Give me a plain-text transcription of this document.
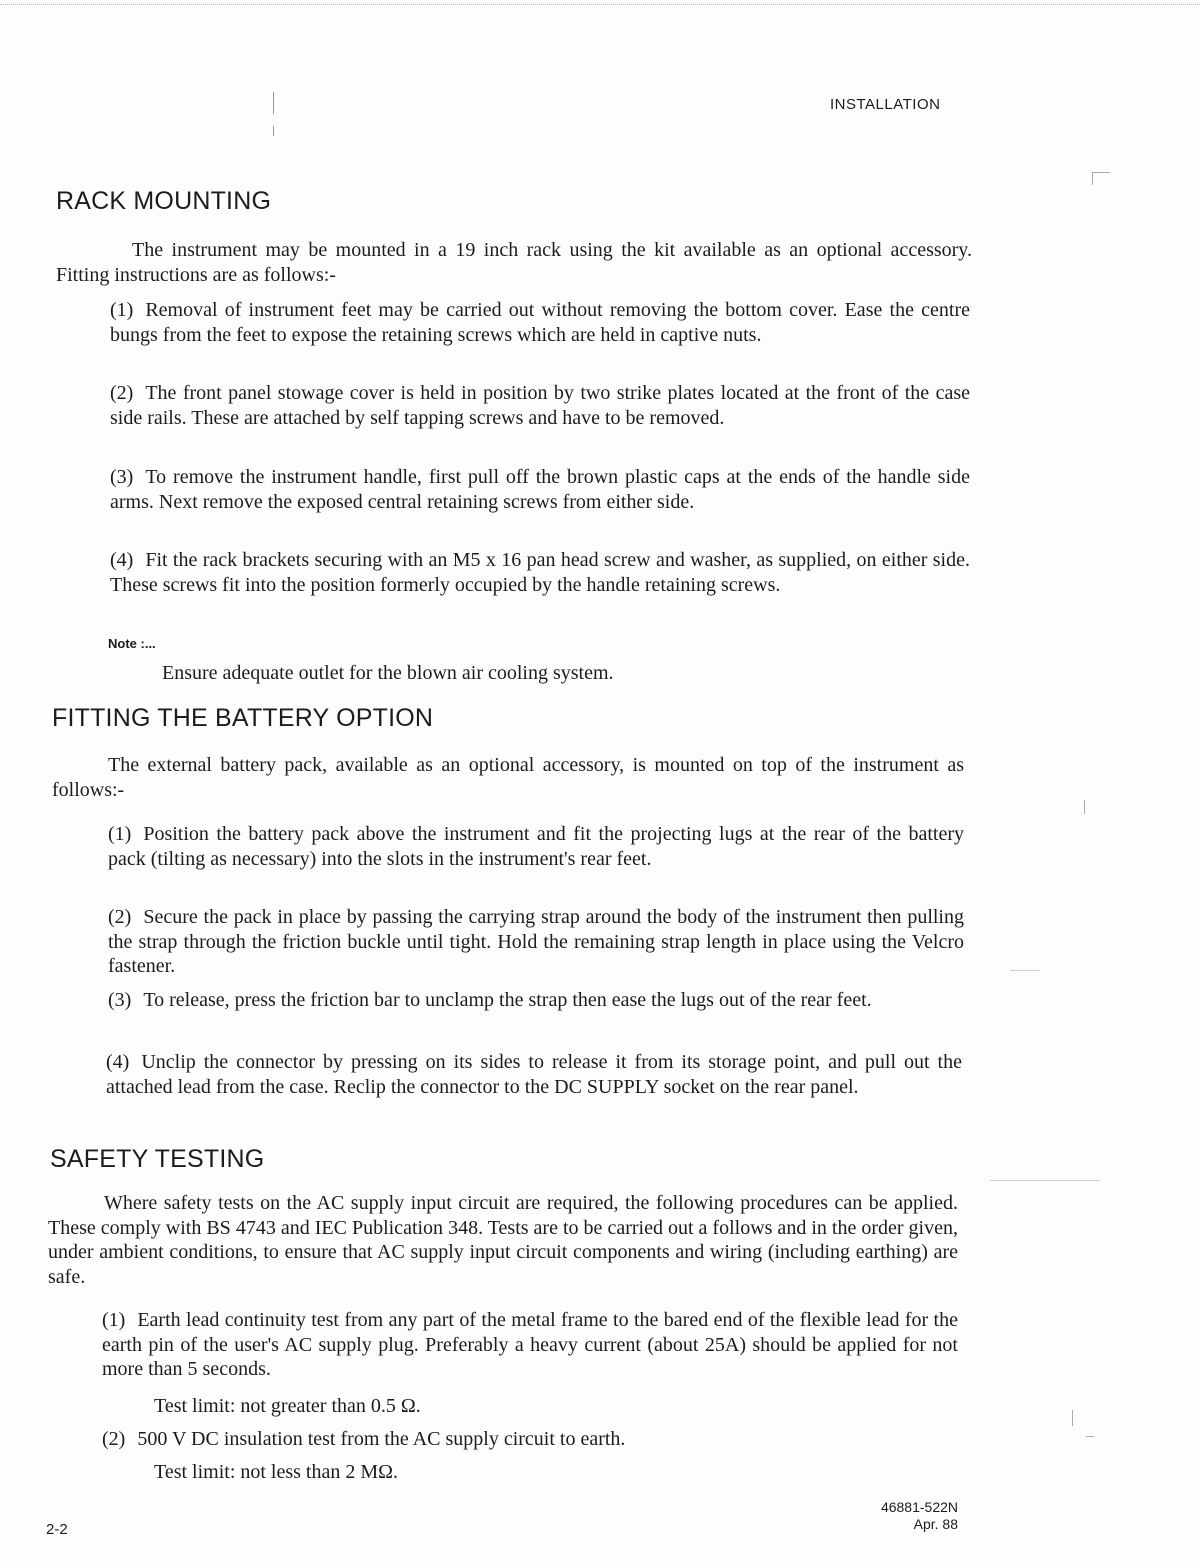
INSTALLATION
RACK MOUNTING

The instrument may be mounted in a 19 inch rack using the kit available as an optional accessory. Fitting instructions are as follows:-

(1) Removal of instrument feet may be carried out without removing the bottom cover. Ease the centre bungs from the feet to expose the retaining screws which are held in captive nuts.

(2) The front panel stowage cover is held in position by two strike plates located at the front of the case side rails. These are attached by self tapping screws and have to be removed.

(3) To remove the instrument handle, first pull off the brown plastic caps at the ends of the handle side arms. Next remove the exposed central retaining screws from either side.

(4) Fit the rack brackets securing with an M5 x 16 pan head screw and washer, as supplied, on either side. These screws fit into the position formerly occupied by the handle retaining screws.

Note :...
Ensure adequate outlet for the blown air cooling system.
FITTING THE BATTERY OPTION

The external battery pack, available as an optional accessory, is mounted on top of the instrument as follows:-

(1) Position the battery pack above the instrument and fit the projecting lugs at the rear of the battery pack (tilting as necessary) into the slots in the instrument's rear feet.

(2) Secure the pack in place by passing the carrying strap around the body of the instrument then pulling the strap through the friction buckle until tight. Hold the remaining strap length in place using the Velcro fastener.

(3) To release, press the friction bar to unclamp the strap then ease the lugs out of the rear feet.

(4) Unclip the connector by pressing on its sides to release it from its storage point, and pull out the attached lead from the case. Reclip the connector to the DC SUPPLY socket on the rear panel.

SAFETY TESTING

Where safety tests on the AC supply input circuit are required, the following procedures can be applied. These comply with BS 4743 and IEC Publication 348. Tests are to be carried out a follows and in the order given, under ambient conditions, to ensure that AC supply input circuit components and wiring (including earthing) are safe.

(1) Earth lead continuity test from any part of the metal frame to the bared end of the flexible lead for the earth pin of the user's AC supply plug. Preferably a heavy current (about 25A) should be applied for not more than 5 seconds.

Test limit: not greater than 0.5 Ω.

(2) 500 V DC insulation test from the AC supply circuit to earth.

Test limit: not less than 2 MΩ.
2-2
46881-522N
Apr. 88
